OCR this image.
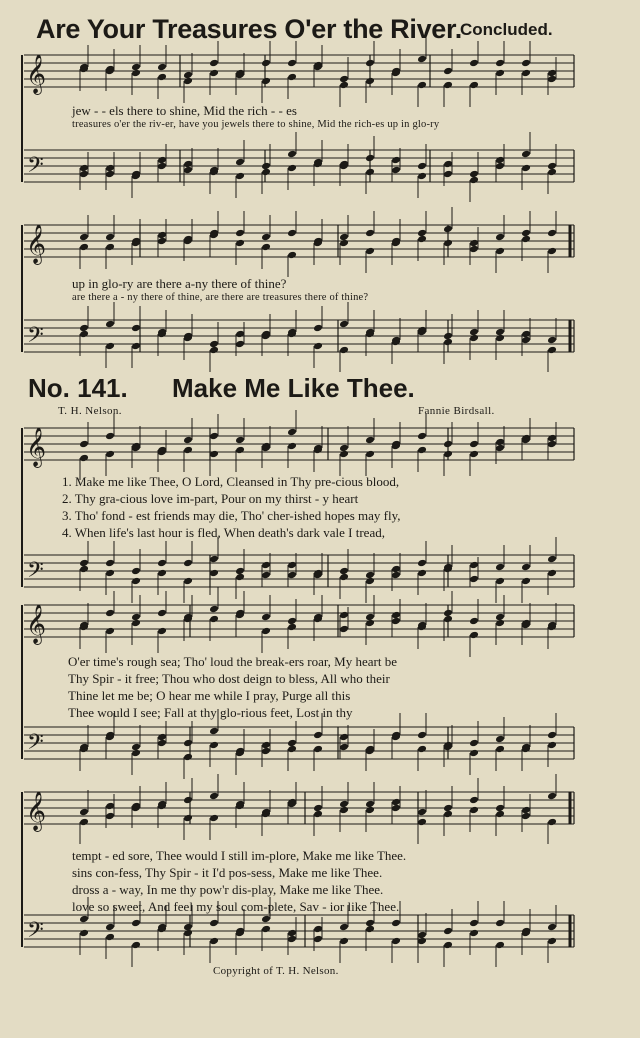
Are Your Treasures O'er the River.
Concluded.
𝄞
𝄢
𝄞
𝄢
𝄞
𝄢
𝄞
𝄢
𝄞
𝄢
jew - - els there to shine, Mid the rich - - es
treasures o'er the riv-er, have you jewels there to shine, Mid the rich-es up in glo-ry
up in glo-ry are there a-ny there of thine?
are there a - ny there of thine, are there are treasures there of thine?
No. 141. Make Me Like Thee.
T. H. Nelson.	Fannie Birdsall.
1. Make me like Thee, O Lord, Cleansed in Thy pre-cious blood,
2. Thy gra-cious love im-part, Pour on my thirst - y heart
3. Tho' fond - est friends may die, Tho' cher-ished hopes may fly,
4. When life's last hour is fled, When death's dark vale I tread,
O'er time's rough sea; Tho' loud the break-ers roar, My heart be
Thy Spir - it free; Thou who dost deign to bless, All who their
Thine let me be; O hear me while I pray, Purge all this
Thee would I see; Fall at thy glo-rious feet, Lost in thy
tempt - ed sore, Thee would I still im-plore, Make me like Thee.
sins con-fess, Thy Spir - it I'd pos-sess, Make me like Thee.
dross a - way, In me thy pow'r dis-play, Make me like Thee.
love so sweet, And feel my soul com-plete, Sav - ior like Thee.
Copyright of T. H. Nelson.
